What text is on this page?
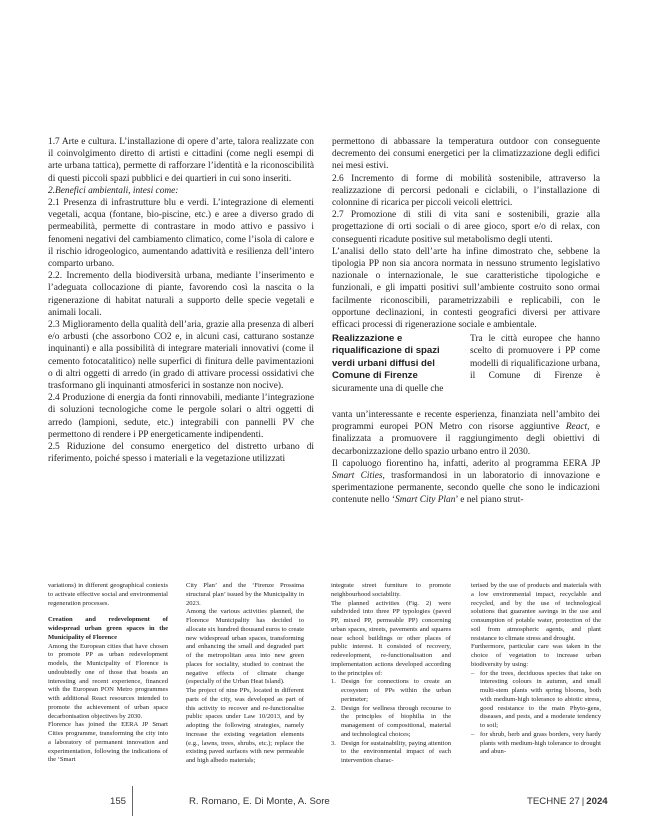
1.7 Arte e cultura. L’installazione di opere d’arte, talora realizzate con il coinvolgimento diretto di artisti e cittadini (come negli esempi di arte urbana tattica), permette di rafforzare l’identità e la riconoscibilità di questi piccoli spazi pubblici e dei quartieri in cui sono inseriti.

2.Benefici ambientali, intesi come:

2.1 Presenza di infrastrutture blu e verdi. L’integrazione di elementi vegetali, acqua (fontane, bio-piscine, etc.) e aree a diverso grado di permeabilità, permette di contrastare in modo attivo e passivo i fenomeni negativi del cambiamento climatico, come l’isola di calore e il rischio idrogeologico, aumentando adattività e resilienza dell’intero comparto urbano.

2.2. Incremento della biodiversità urbana, mediante l’inserimento e l’adeguata collocazione di piante, favorendo così la nascita o la rigenerazione di habitat naturali a supporto delle specie vegetali e animali locali.

2.3 Miglioramento della qualità dell’aria, grazie alla presenza di alberi e/o arbusti (che assorbono CO2 e, in alcuni casi, catturano sostanze inquinanti) e alla possibilità di integrare materiali innovativi (come il cemento fotocatalitico) nelle superfici di finitura delle pavimentazioni o di altri oggetti di arredo (in grado di attivare processi ossidativi che trasformano gli inquinanti atmosferici in sostanze non nocive).

2.4 Produzione di energia da fonti rinnovabili, mediante l’integrazione di soluzioni tecnologiche come le pergole solari o altri oggetti di arredo (lampioni, sedute, etc.) integrabili con pannelli PV che permettono di rendere i PP energeticamente indipendenti.

2.5 Riduzione del consumo energetico del distretto urbano di riferimento, poiché spesso i materiali e la vegetazione utilizzati

permettono di abbassare la temperatura outdoor con conseguente decremento dei consumi energetici per la climatizzazione degli edifici nei mesi estivi.

2.6 Incremento di forme di mobilità sostenibile, attraverso la realizzazione di percorsi pedonali e ciclabili, o l’installazione di colonnine di ricarica per piccoli veicoli elettrici.

2.7 Promozione di stili di vita sani e sostenibili, grazie alla progettazione di orti sociali o di aree gioco, sport e/o di relax, con conseguenti ricadute positive sul metabolismo degli utenti.

L’analisi dello stato dell’arte ha infine dimostrato che, sebbene la tipologia PP non sia ancora normata in nessuno strumento legislativo nazionale o internazionale, le sue caratteristiche tipologiche e funzionali, e gli impatti positivi sull’ambiente costruito sono ormai facilmente riconoscibili, parametrizzabili e replicabili, con le opportune declinazioni, in contesti geografici diversi per attivare efficaci processi di rigenerazione sociale e ambientale.

Realizzazione e riqualificazione di spazi verdi urbani diffusi del Comune di Firenze

Tra le città europee che hanno scelto di promuovere i PP come modelli di riqualificazione urbana, il Comune di Firenze è sicuramente una di quelle che

vanta un’interessante e recente esperienza, finanziata nell’ambito dei programmi europei PON Metro con risorse aggiuntive React, e finalizzata a promuovere il raggiungimento degli obiettivi di decarbonizzazione dello spazio urbano entro il 2030.

Il capoluogo fiorentino ha, infatti, aderito al programma EERA JP Smart Cities, trasformandosi in un laboratorio di innovazione e sperimentazione permanente, secondo quelle che sono le indicazioni contenute nello ‘Smart City Plan’ e nel piano strut-

variations) in different geographical contexts to activate effective social and environmental regeneration processes.

Creation and redevelopment of widespread urban green spaces in the Municipality of Florence

Among the European cities that have chosen to promote PP as urban redevelopment models, the Municipality of Florence is undoubtedly one of those that boasts an interesting and recent experience, financed with the European PON Metro programmes with additional React resources intended to promote the achievement of urban space decarbonisation objectives by 2030.

Florence has joined the EERA JP Smart Cities programme, transforming the city into a laboratory of permanent innovation and experimentation, following the indications of the ‘Smart

City Plan’ and the ‘Firenze Prossima structural plan’ issued by the Municipality in 2023.

Among the various activities planned, the Florence Municipality has decided to allocate six hundred thousand euros to create new widespread urban spaces, transforming and enhancing the small and degraded part of the metropolitan area into new green places for sociality, studied to contrast the negative effects of climate change (especially of the Urban Heat Island).

The project of nine PPs, located in different parts of the city, was developed as part of this activity to recover and re-functionalise public spaces under Law 10/2013, and by adopting the following strategies, namely increase the existing vegetation elements (e.g., lawns, trees, shrubs, etc.); replace the existing paved surfaces with new permeable and high albedo materials;

integrate street furniture to promote neighbourhood sociability.

The planned activities (Fig. 2) were subdivided into three PP typologies (paved PP, mixed PP, permeable PP) concerning urban spaces, streets, pavements and squares near school buildings or other places of public interest. It consisted of recovery, redevelopment, re-functionalisation and implementation actions developed according to the principles of:

1. Design for connections to create an ecosystem of PPs within the urban perimeter;
2. Design for wellness through recourse to the principles of biophilia in the management of compositional, material and technological choices;
3. Design for sustainability, paying attention to the environmental impact of each intervention charac-

terised by the use of products and materials with a low environmental impact, recyclable and recycled, and by the use of technological solutions that guarantee savings in the use and consumption of potable water, protection of the soil from atmospheric agents, and plant resistance to climate stress and drought.

Furthermore, particular care was taken in the choice of vegetation to increase urban biodiversity by using:

– for the trees, deciduous species that take on interesting colours in autumn, and small multi-stem plants with spring blooms, both with medium-high tolerance to abiotic stress, good resistance to the main Phyto-gens, diseases, and pests, and a moderate tendency to soil;
– for shrub, herb and grass borders, very hardy plants with medium-high tolerance to drought and abun-
155	R. Romano, E. Di Monte, A. Sore	TECHNE 27 | 2024
